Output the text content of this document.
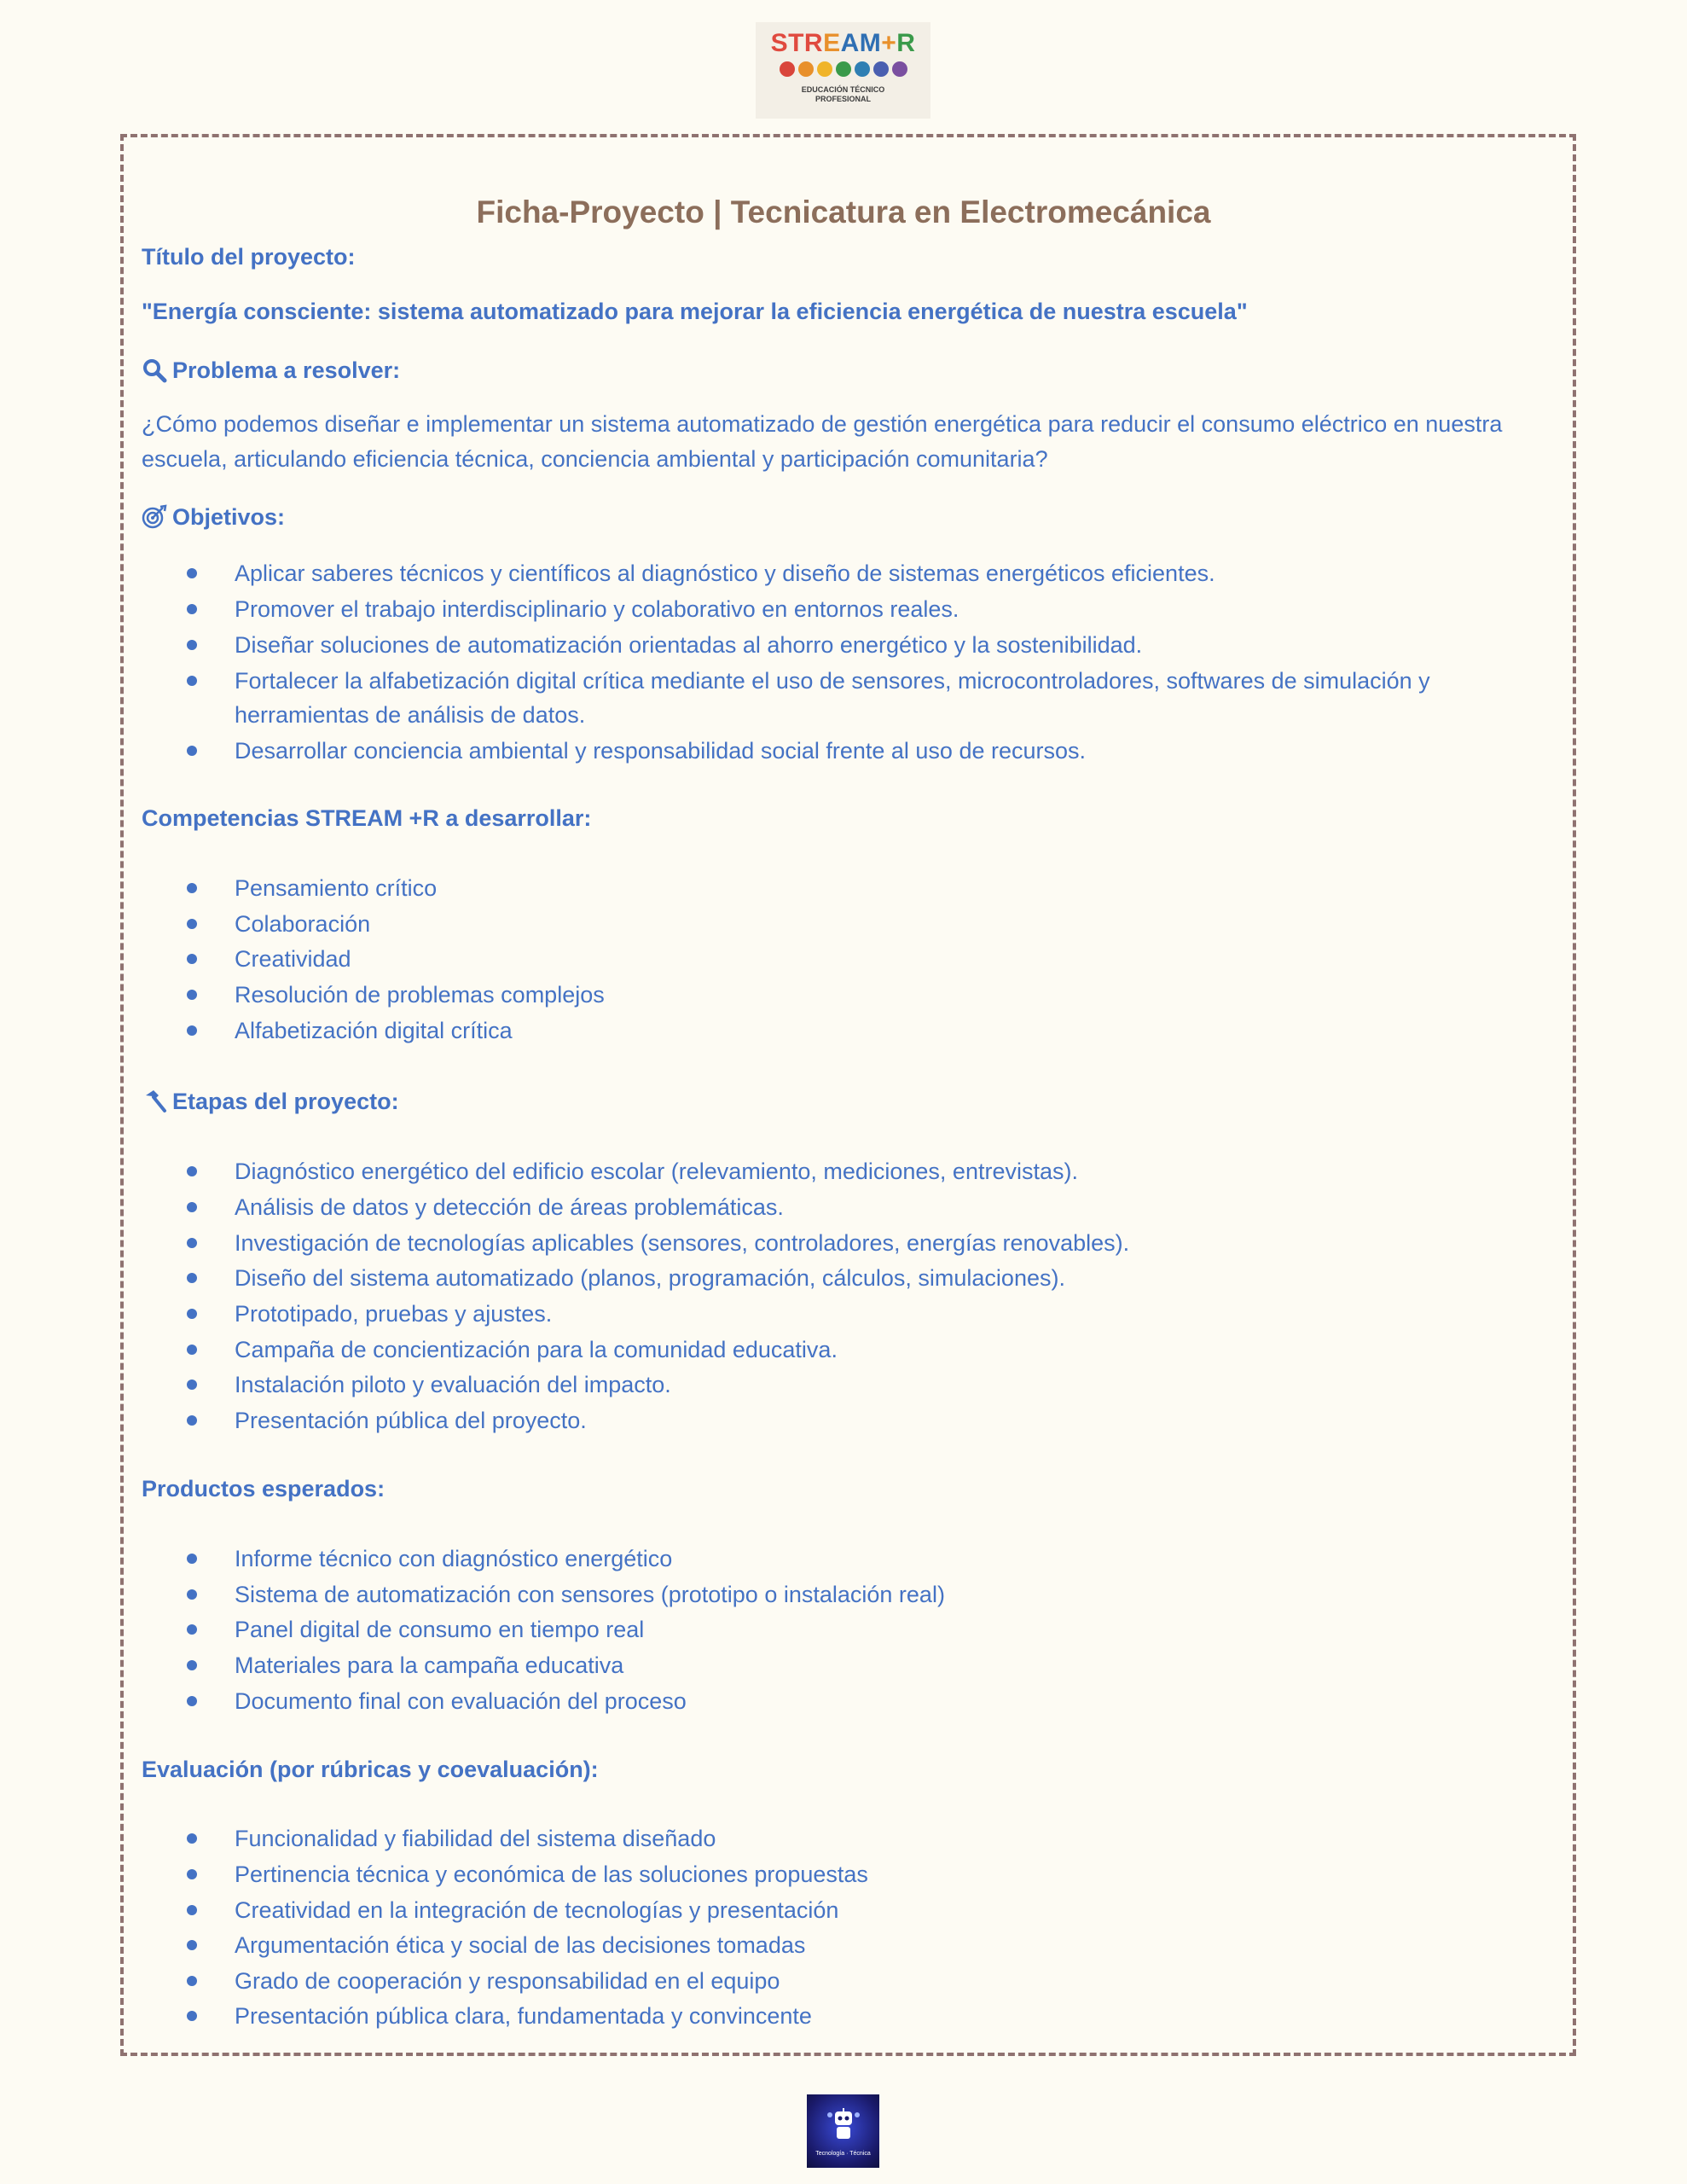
STREAM+R
EDUCACIÓN TÉCNICO
PROFESIONAL
Ficha-Proyecto | Tecnicatura en Electromecánica
Título del proyecto:
"Energía consciente: sistema automatizado para mejorar la eficiencia energética de nuestra escuela"
Problema a resolver:
¿Cómo podemos diseñar e implementar un sistema automatizado de gestión energética para reducir el consumo eléctrico en nuestra escuela, articulando eficiencia técnica, conciencia ambiental y participación comunitaria?
Objetivos:
Aplicar saberes técnicos y científicos al diagnóstico y diseño de sistemas energéticos eficientes.
Promover el trabajo interdisciplinario y colaborativo en entornos reales.
Diseñar soluciones de automatización orientadas al ahorro energético y la sostenibilidad.
Fortalecer la alfabetización digital crítica mediante el uso de sensores, microcontroladores, softwares de simulación y
herramientas de análisis de datos.
Desarrollar conciencia ambiental y responsabilidad social frente al uso de recursos.
Competencias STREAM +R a desarrollar:
Pensamiento crítico
Colaboración
Creatividad
Resolución de problemas complejos
Alfabetización digital crítica
Etapas del proyecto:
Diagnóstico energético del edificio escolar (relevamiento, mediciones, entrevistas).
Análisis de datos y detección de áreas problemáticas.
Investigación de tecnologías aplicables (sensores, controladores, energías renovables).
Diseño del sistema automatizado (planos, programación, cálculos, simulaciones).
Prototipado, pruebas y ajustes.
Campaña de concientización para la comunidad educativa.
Instalación piloto y evaluación del impacto.
Presentación pública del proyecto.
Productos esperados:
Informe técnico con diagnóstico energético
Sistema de automatización con sensores (prototipo o instalación real)
Panel digital de consumo en tiempo real
Materiales para la campaña educativa
Documento final con evaluación del proceso
Evaluación (por rúbricas y coevaluación):
Funcionalidad y fiabilidad del sistema diseñado
Pertinencia técnica y económica de las soluciones propuestas
Creatividad en la integración de tecnologías y presentación
Argumentación ética y social de las decisiones tomadas
Grado de cooperación y responsabilidad en el equipo
Presentación pública clara, fundamentada y convincente
Tecnología · Técnica
